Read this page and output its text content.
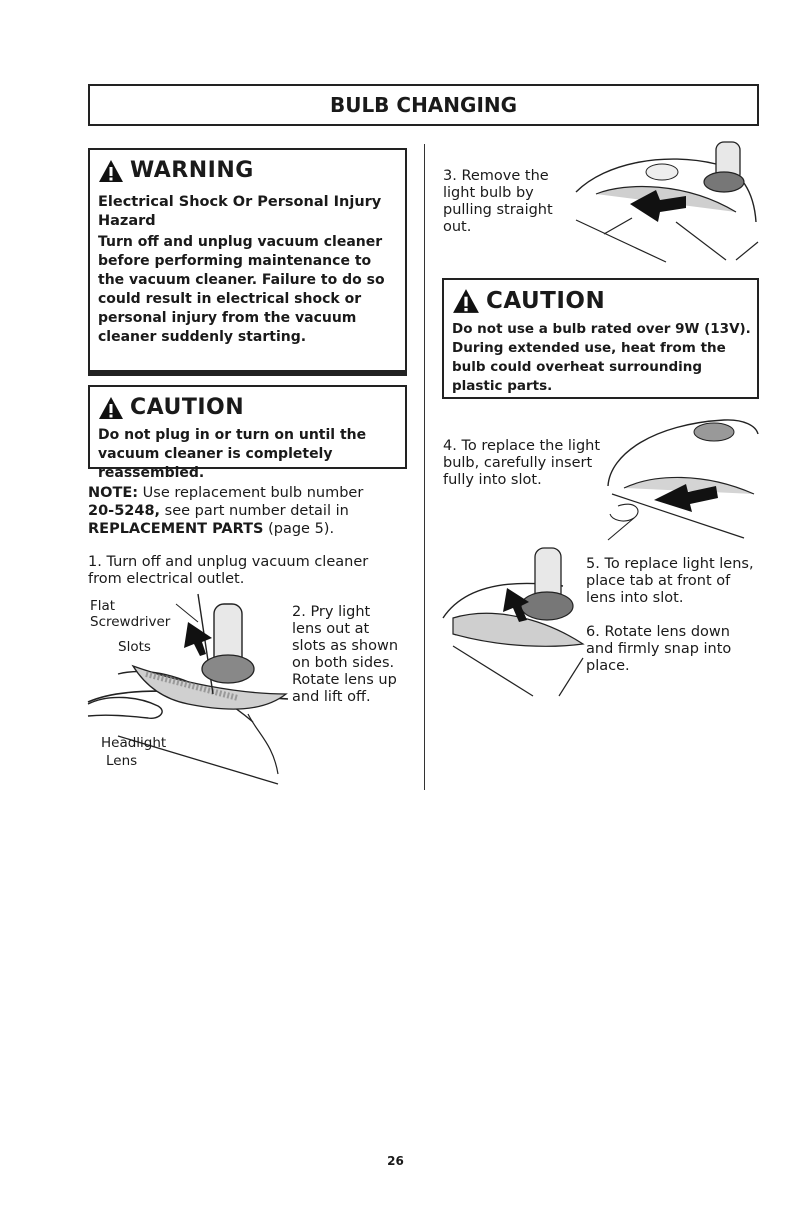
BULB CHANGING
WARNING
Electrical Shock Or Personal Injury Hazard
Turn off and unplug vacuum cleaner before performing maintenance to the vacuum cleaner. Failure to do so could result in electrical shock or personal injury from the vacuum cleaner suddenly starting.
CAUTION
Do not plug in or turn on until the vacuum cleaner is completely reassembled.
NOTE: Use replacement bulb number 20-5248, see part number detail in REPLACEMENT PARTS (page 5).
1. Turn off and unplug vacuum cleaner from electrical outlet.
Flat
Screwdriver
Slots
Headlight
Lens
2. Pry light lens out at slots as shown on both sides. Rotate lens up and lift off.
3. Remove the light bulb by pulling straight out.
CAUTION
Do not use a bulb rated over 9W (13V). During extended use, heat from the bulb could overheat surrounding plastic parts.
4. To replace the light bulb, carefully insert fully into slot.
5. To replace light lens, place tab at front of lens into slot.
6. Rotate lens down and firmly snap into place.
26
